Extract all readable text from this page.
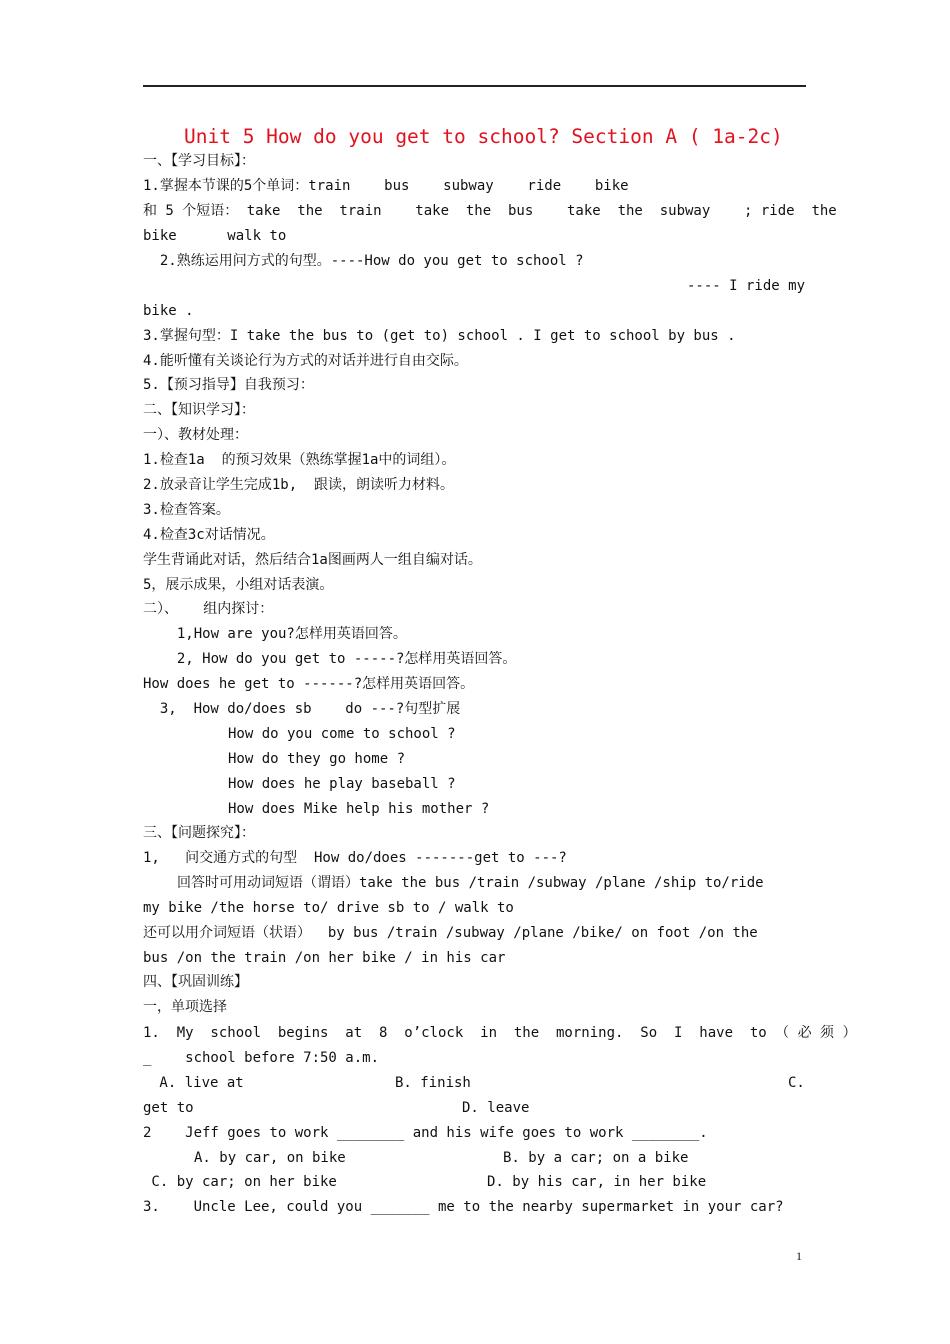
Unit 5 How do you get to school? Section A ( 1a-2c)
一、【学习目标】：
1.掌握本节课的5个单词：train    bus    subway    ride    bike
和 5 个短语： take  the  train    take  the  bus    take  the  subway    ; ride  the
bike      walk to
2.熟练运用问方式的句型。----How do you get to school ?
---- I ride my
bike .
3.掌握句型：I take the bus to (get to) school . I get to school by bus .
4.能听懂有关谈论行为方式的对话并进行自由交际。
5.【预习指导】自我预习：
二、【知识学习】：
一）、教材处理：
1.检查1a  的预习效果（熟练掌握1a中的词组）。
2.放录音让学生完成1b,  跟读，朗读听力材料。
3.检查答案。
4.检查3c对话情况。
学生背诵此对话，然后结合1a图画两人一组自编对话。
5，展示成果，小组对话表演。
二）、   组内探讨：
1,How are you?怎样用英语回答。
2, How do you get to -----?怎样用英语回答。
How does he get to ------?怎样用英语回答。
3,  How do/does sb    do ---?句型扩展
How do you come to school ?
How do they go home ?
How does he play baseball ?
How does Mike help his mother ?
三、【问题探究】：
1,   问交通方式的句型  How do/does -------get to ---?
回答时可用动词短语（谓语）take the bus /train /subway /plane /ship to/ride
my bike /the horse to/ drive sb to / walk to
还可以用介词短语（状语）  by bus /train /subway /plane /bike/ on foot /on the
bus /on the train /on her bike / in his car
四、【巩固训练】
一，单项选择
1.  My  school  begins  at  8  o’clock  in  the  morning.  So  I  have  to （ 必 须 ）
_    school before 7:50 a.m.
A. live at	B. finish	C.
get to	D. leave
2    Jeff goes to work ________ and his wife goes to work ________.
A. by car, on bike	B. by a car; on a bike
C. by car; on her bike	D. by his car, in her bike
3.    Uncle Lee, could you _______ me to the nearby supermarket in your car?
1
